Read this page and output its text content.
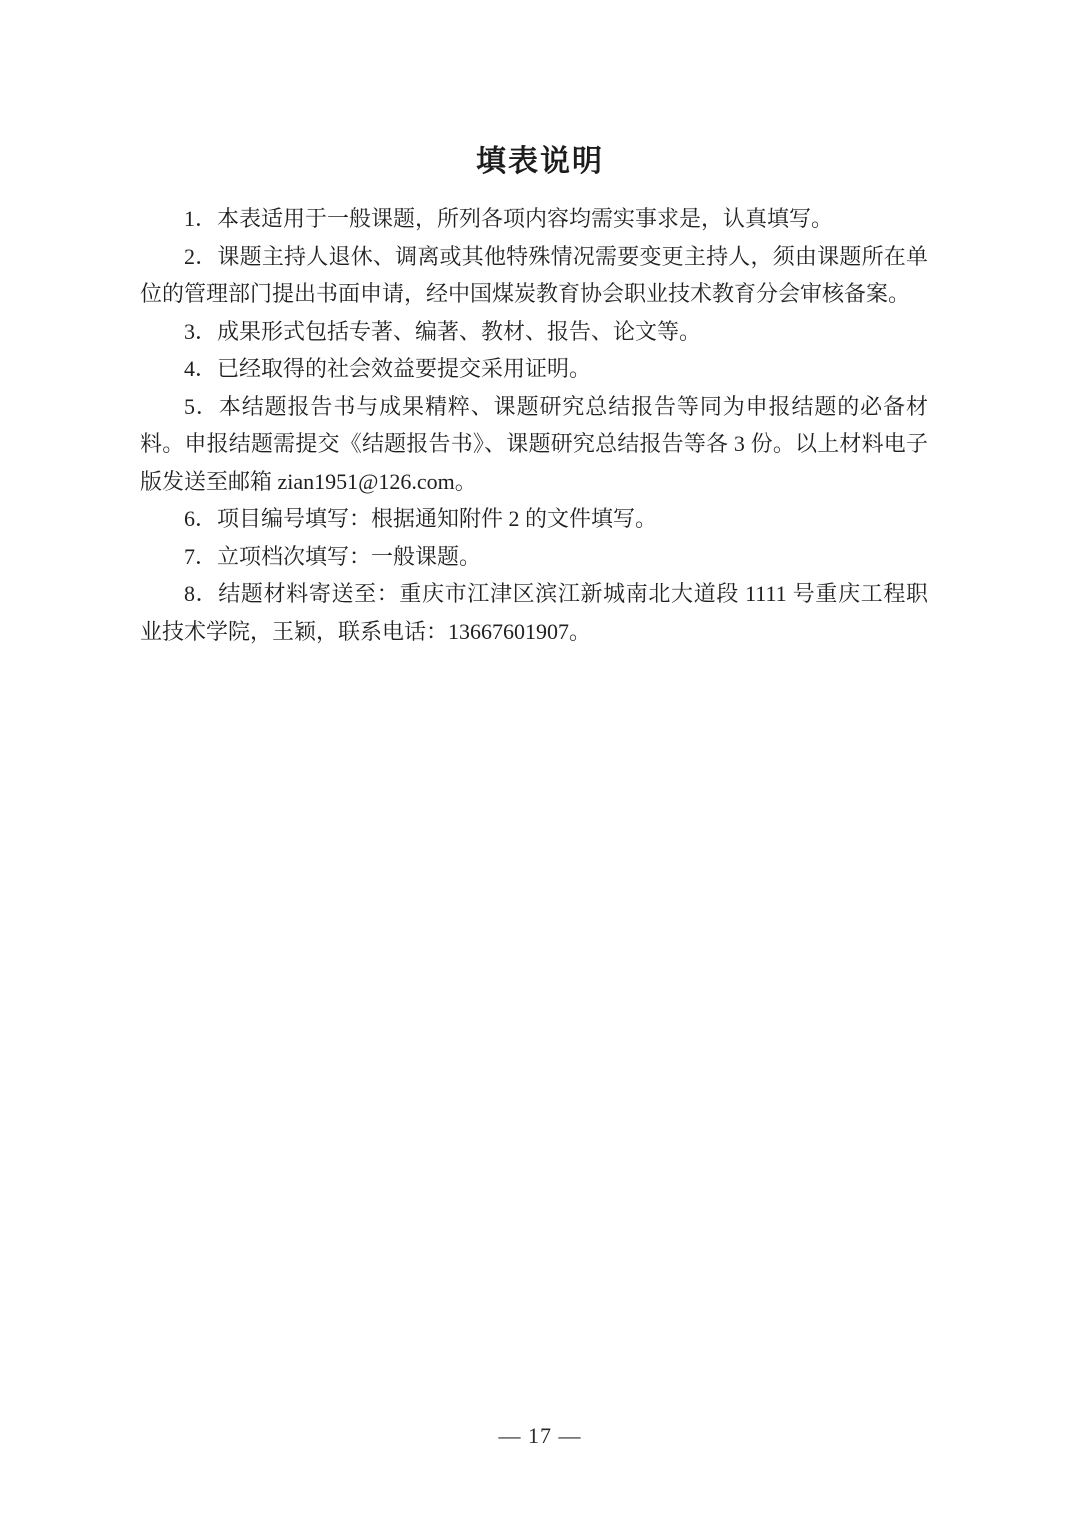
填表说明

1．本表适用于一般课题，所列各项内容均需实事求是，认真填写。

2．课题主持人退休、调离或其他特殊情况需要变更主持人，须由课题所在单位的管理部门提出书面申请，经中国煤炭教育协会职业技术教育分会审核备案。

3．成果形式包括专著、编著、教材、报告、论文等。

4．已经取得的社会效益要提交采用证明。

5．本结题报告书与成果精粹、课题研究总结报告等同为申报结题的必备材料。申报结题需提交《结题报告书》、课题研究总结报告等各 3 份。以上材料电子版发送至邮箱 zian1951@126.com。

6．项目编号填写：根据通知附件 2 的文件填写。

7．立项档次填写：一般课题。

8．结题材料寄送至：重庆市江津区滨江新城南北大道段 1111 号重庆工程职业技术学院，王颖，联系电话：13667601907。

— 17 —
